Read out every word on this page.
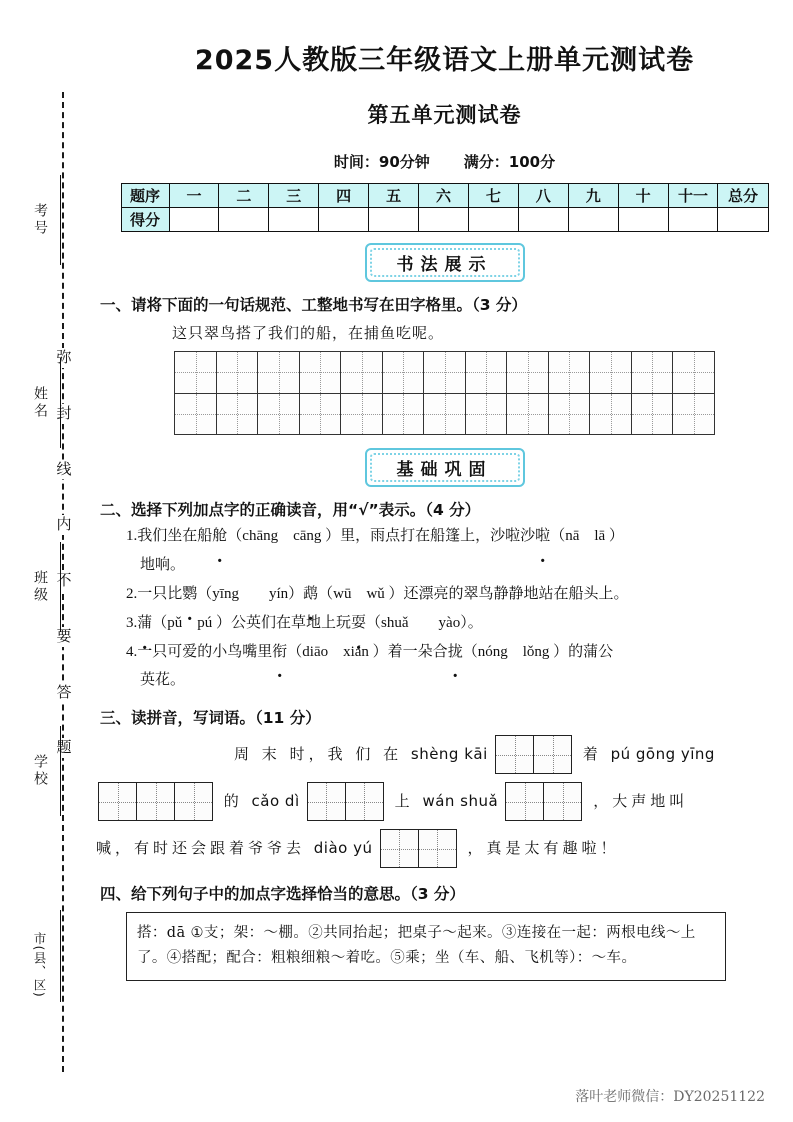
弥
封
线
内
不
要
答
题
考号
姓名
班级
学校
市(县、区)
2025人教版三年级语文上册单元测试卷
第五单元测试卷
时间：90分钟 满分：100分
题序	一	二	三	四	五	六	七	八	九	十	十一	总分
得分												
书法展示
一、请将下面的一句话规范、工整地书写在田字格里。（3 分）
这只翠鸟搭了我们的船，在捕鱼吃呢。

基础巩固
二、选择下列加点字的正确读音，用“√”表示。（4 分）
1.我们坐在船舱（chāng　cāng ）里，雨点打在船篷上，沙啦沙啦（nā　lā ）
地响。
2.一只比鹦（yīng　　yín）鹉（wū　wǔ ）还漂亮的翠鸟静静地站在船头上。
3.蒲（pǔ　pú ）公英们在草地上玩耍（shuǎ　　yào）。
4.一只可爱的小鸟嘴里衔（diāo　xián ）着一朵合拢（nóng　lǒng ）的蒲公
英花。
三、读拼音，写词语。（11 分）
周 末 时，我 们 在 shèng kāi
		着 pú gōng yīng

的 cǎo dì
		上 wán shuǎ
		，大声地叫
喊，有时还会跟着爷爷去 diào yú
		，真是太有趣啦！
四、给下列句子中的加点字选择恰当的意思。（3 分）
搭：dā ①支；架：～棚。②共同抬起；把桌子～起来。③连接在一起：两根电线～上了。④搭配；配合：粗粮细粮～着吃。⑤乘；坐（车、船、飞机等）：～车。
落叶老师微信：DY20251122
